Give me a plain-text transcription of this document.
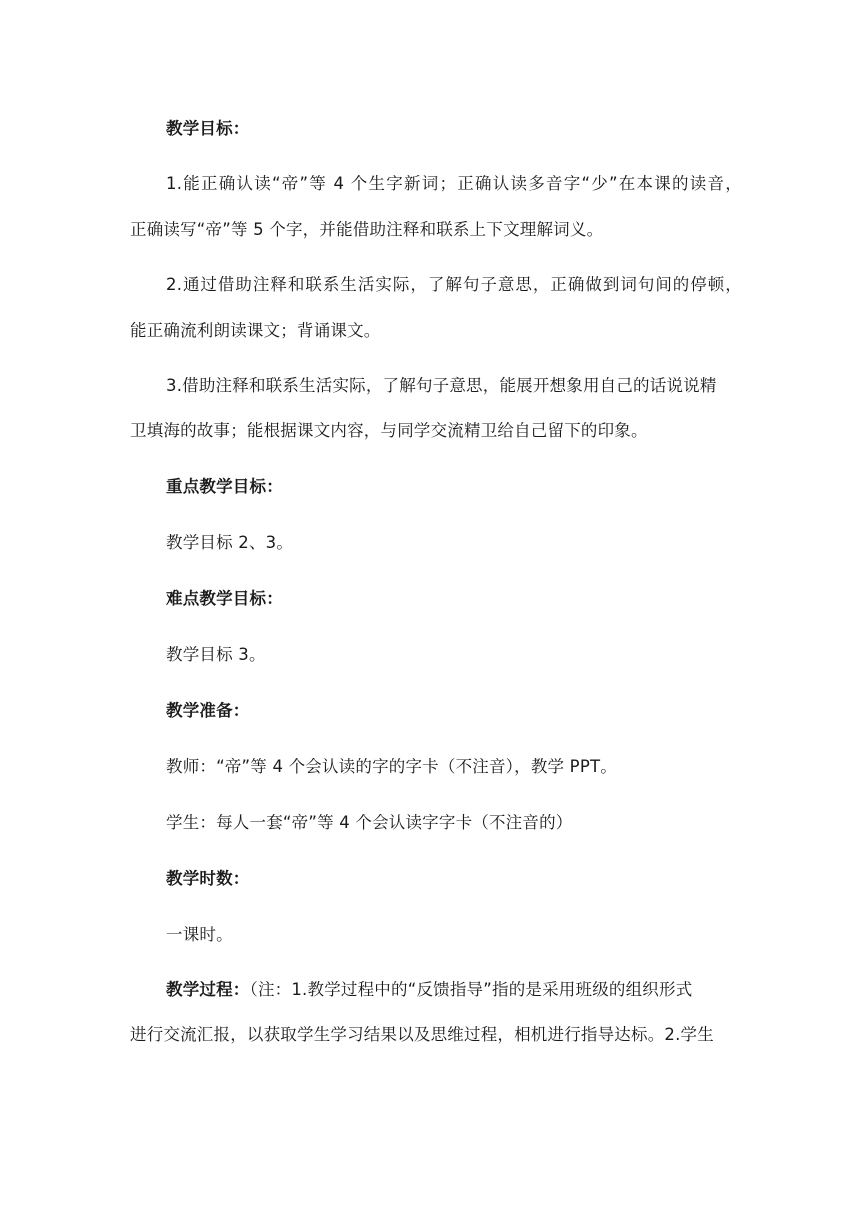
教学目标：
1.能正确认读“帝”等 4 个生字新词；正确认读多音字“少”在本课的读音，
正确读写“帝”等 5 个字，并能借助注释和联系上下文理解词义。
2.通过借助注释和联系生活实际，了解句子意思，正确做到词句间的停顿，
能正确流利朗读课文；背诵课文。
3.借助注释和联系生活实际，了解句子意思，能展开想象用自己的话说说精
卫填海的故事；能根据课文内容，与同学交流精卫给自己留下的印象。
重点教学目标：
教学目标 2、3。
难点教学目标：
教学目标 3。
教学准备：
教师：“帝”等 4 个会认读的字的字卡（不注音），教学 PPT。
学生：每人一套“帝”等 4 个会认读字字卡（不注音的）
教学时数：
一课时。
教学过程：（注：1.教学过程中的“反馈指导”指的是采用班级的组织形式
进行交流汇报，以获取学生学习结果以及思维过程，相机进行指导达标。2.学生
